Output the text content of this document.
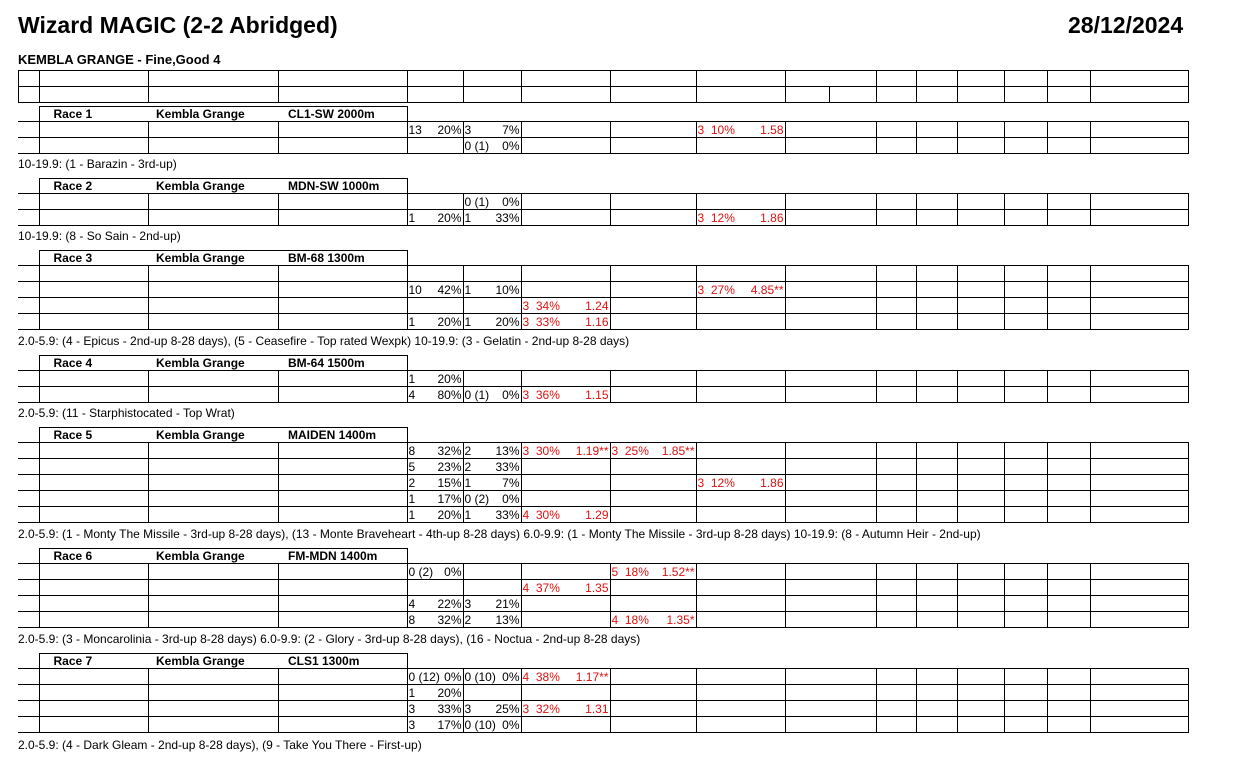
Wizard MAGIC (2-2 Abridged)	28/12/2024
KEMBLA GRANGE - Fine,Good 4

	Race 1	Kembla Grange	CL1-SW 2000m

				13 20%	3 7%			3  10% 1.58									

					0 (1) 0%												

10-19.9: (1 - Barazin - 3rd-up)
	Race 2	Kembla Grange	MDN-SW 1000m

					0 (1) 0%												

				1 20%	1 33%			3  12% 1.86									

10-19.9: (8 - So Sain - 2nd-up)
	Race 3	Kembla Grange	BM-68 1300m

				10 42%	1 10%			3  27% 4.85**									

						3  34% 1.24											

				1 20%	1 20%	3  33% 1.16											

2.0-5.9: (4 - Epicus - 2nd-up 8-28 days), (5 - Ceasefire - Top rated Wexpk) 10-19.9: (3 - Gelatin - 2nd-up 8-28 days)
	Race 4	Kembla Grange	BM-64 1500m

				1 20%													

				4 80%	0 (1) 0%	3  36% 1.15											

2.0-5.9: (11 - Starphistocated - Top Wrat)
	Race 5	Kembla Grange	MAIDEN 1400m

				8 32%	2 13%	3  30% 1.19**	3  25% 1.85**										

				5 23%	2 33%												

				2 15%	1 7%			3  12% 1.86									

				1 17%	0 (2) 0%												

				1 20%	1 33%	4  30% 1.29											

2.0-5.9: (1 - Monty The Missile - 3rd-up 8-28 days), (13 - Monte Braveheart - 4th-up 8-28 days) 6.0-9.9: (1 - Monty The Missile - 3rd-up 8-28 days) 10-19.9: (8 - Autumn Heir - 2nd-up)
	Race 6	Kembla Grange	FM-MDN 1400m

				0 (2) 0%			5  18% 1.52**										

						4  37% 1.35											

				4 22%	3 21%												

				8 32%	2 13%		4  18% 1.35*										

2.0-5.9: (3 - Moncarolinia - 3rd-up 8-28 days) 6.0-9.9: (2 - Glory - 3rd-up 8-28 days), (16 - Noctua - 2nd-up 8-28 days)
	Race 7	Kembla Grange	CLS1 1300m

				0 (12) 0%	0 (10) 0%	4  38% 1.17**											

				1 20%													

				3 33%	3 25%	3  32% 1.31											

				3 17%	0 (10) 0%												

2.0-5.9: (4 - Dark Gleam - 2nd-up 8-28 days), (9 - Take You There - First-up)
